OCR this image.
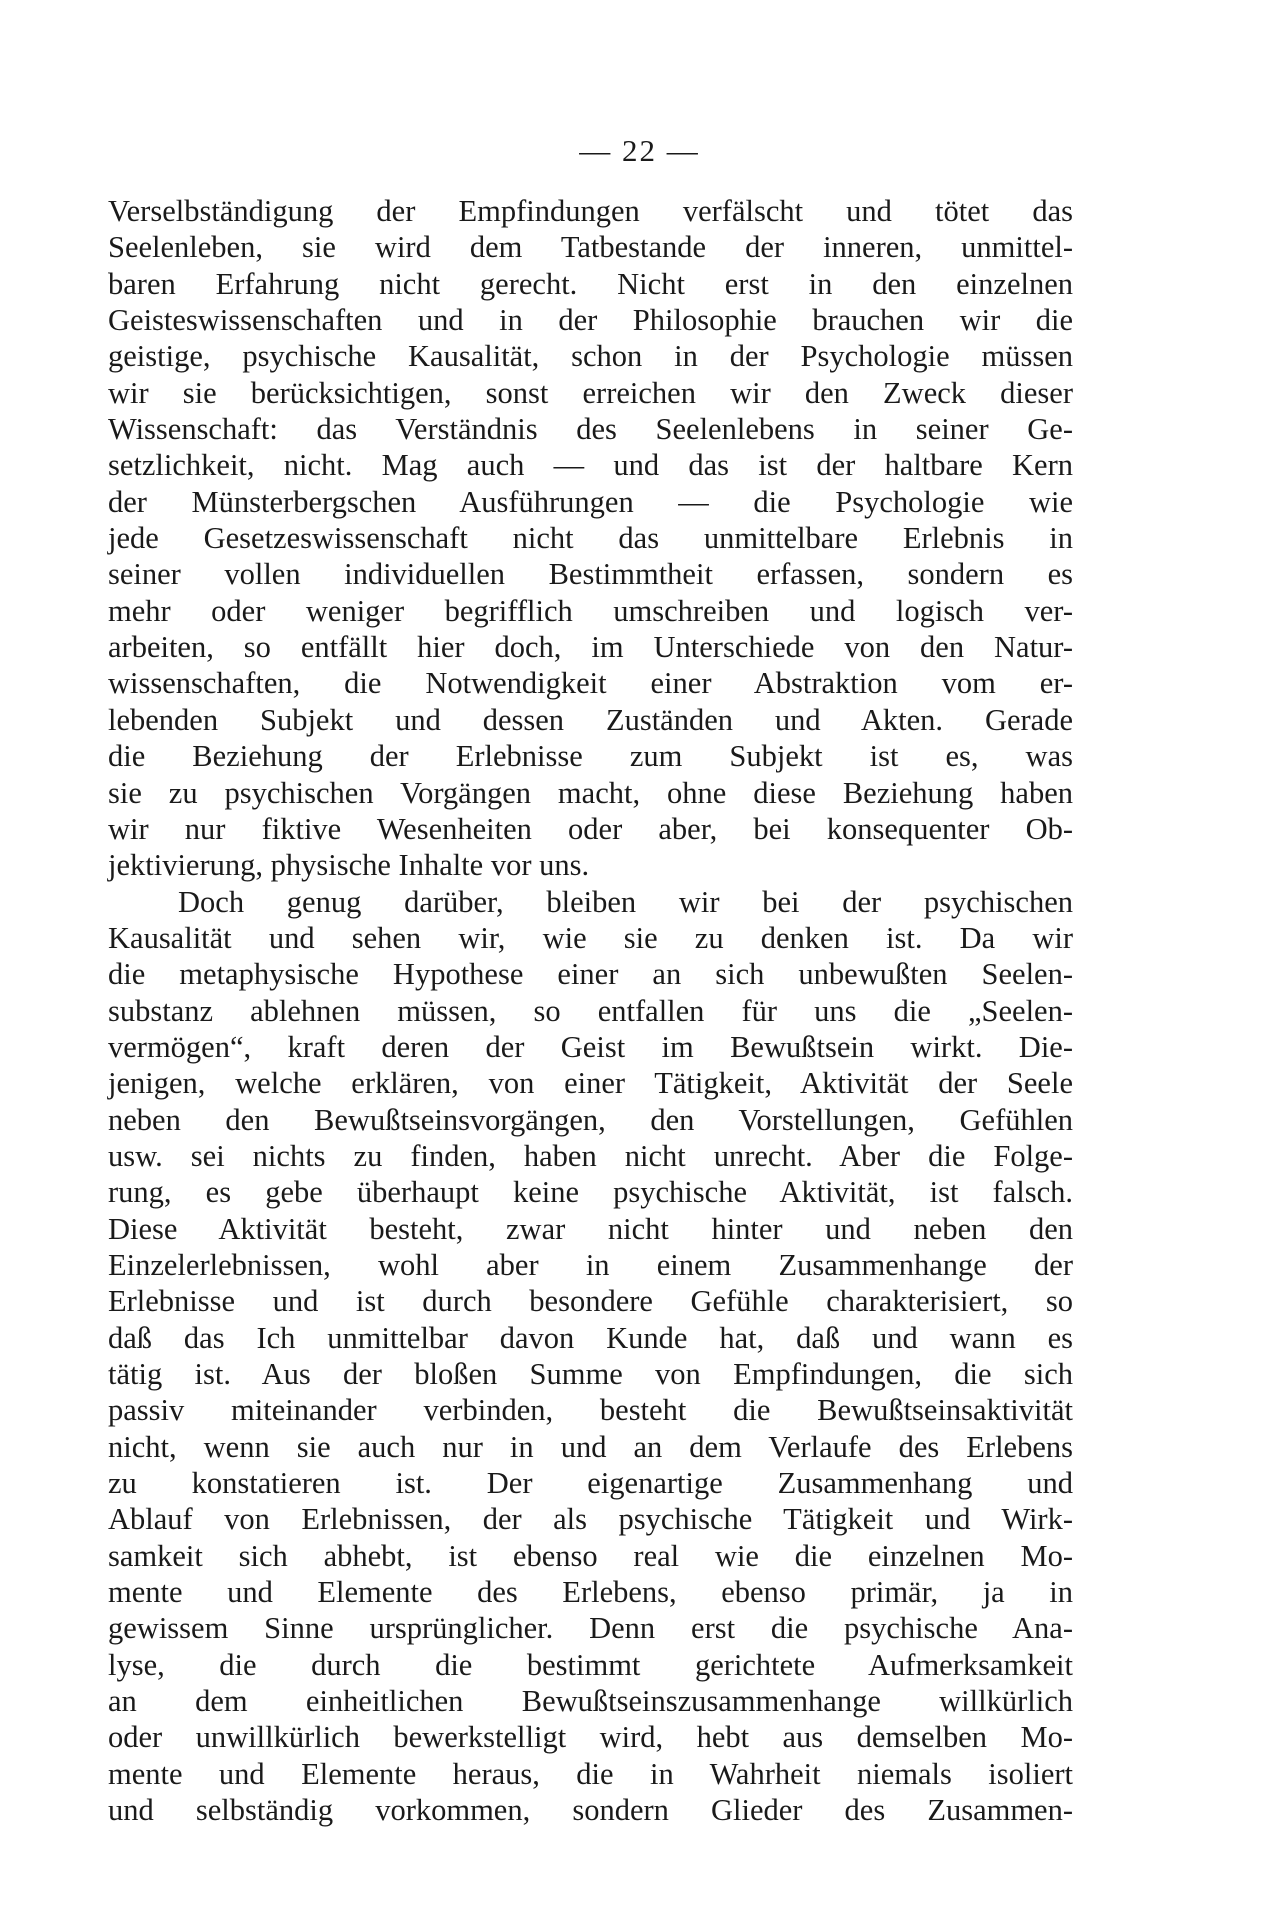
— 22 —
Verselbständigung der Empfindungen verfälscht und tötet das
Seelenleben, sie wird dem Tatbestande der inneren, unmittel-
baren Erfahrung nicht gerecht. Nicht erst in den einzelnen
Geisteswissenschaften und in der Philosophie brauchen wir die
geistige, psychische Kausalität, schon in der Psychologie müssen
wir sie berücksichtigen, sonst erreichen wir den Zweck dieser
Wissenschaft: das Verständnis des Seelenlebens in seiner Ge-
setzlichkeit, nicht. Mag auch — und das ist der haltbare Kern
der Münsterbergschen Ausführungen — die Psychologie wie
jede Gesetzeswissenschaft nicht das unmittelbare Erlebnis in
seiner vollen individuellen Bestimmtheit erfassen, sondern es
mehr oder weniger begrifflich umschreiben und logisch ver-
arbeiten, so entfällt hier doch, im Unterschiede von den Natur-
wissenschaften, die Notwendigkeit einer Abstraktion vom er-
lebenden Subjekt und dessen Zuständen und Akten. Gerade
die Beziehung der Erlebnisse zum Subjekt ist es, was
sie zu psychischen Vorgängen macht, ohne diese Beziehung haben
wir nur fiktive Wesenheiten oder aber, bei konsequenter Ob-
jektivierung, physische Inhalte vor uns.
Doch genug darüber, bleiben wir bei der psychischen
Kausalität und sehen wir, wie sie zu denken ist. Da wir
die metaphysische Hypothese einer an sich unbewußten Seelen-
substanz ablehnen müssen, so entfallen für uns die „Seelen-
vermögen“, kraft deren der Geist im Bewußtsein wirkt. Die-
jenigen, welche erklären, von einer Tätigkeit, Aktivität der Seele
neben den Bewußtseinsvorgängen, den Vorstellungen, Gefühlen
usw. sei nichts zu finden, haben nicht unrecht. Aber die Folge-
rung, es gebe überhaupt keine psychische Aktivität, ist falsch.
Diese Aktivität besteht, zwar nicht hinter und neben den
Einzelerlebnissen, wohl aber in einem Zusammenhange der
Erlebnisse und ist durch besondere Gefühle charakterisiert, so
daß das Ich unmittelbar davon Kunde hat, daß und wann es
tätig ist. Aus der bloßen Summe von Empfindungen, die sich
passiv miteinander verbinden, besteht die Bewußtseinsaktivität
nicht, wenn sie auch nur in und an dem Verlaufe des Erlebens
zu konstatieren ist. Der eigenartige Zusammenhang und
Ablauf von Erlebnissen, der als psychische Tätigkeit und Wirk-
samkeit sich abhebt, ist ebenso real wie die einzelnen Mo-
mente und Elemente des Erlebens, ebenso primär, ja in
gewissem Sinne ursprünglicher. Denn erst die psychische Ana-
lyse, die durch die bestimmt gerichtete Aufmerksamkeit
an dem einheitlichen Bewußtseinszusammenhange willkürlich
oder unwillkürlich bewerkstelligt wird, hebt aus demselben Mo-
mente und Elemente heraus, die in Wahrheit niemals isoliert
und selbständig vorkommen, sondern Glieder des Zusammen-
